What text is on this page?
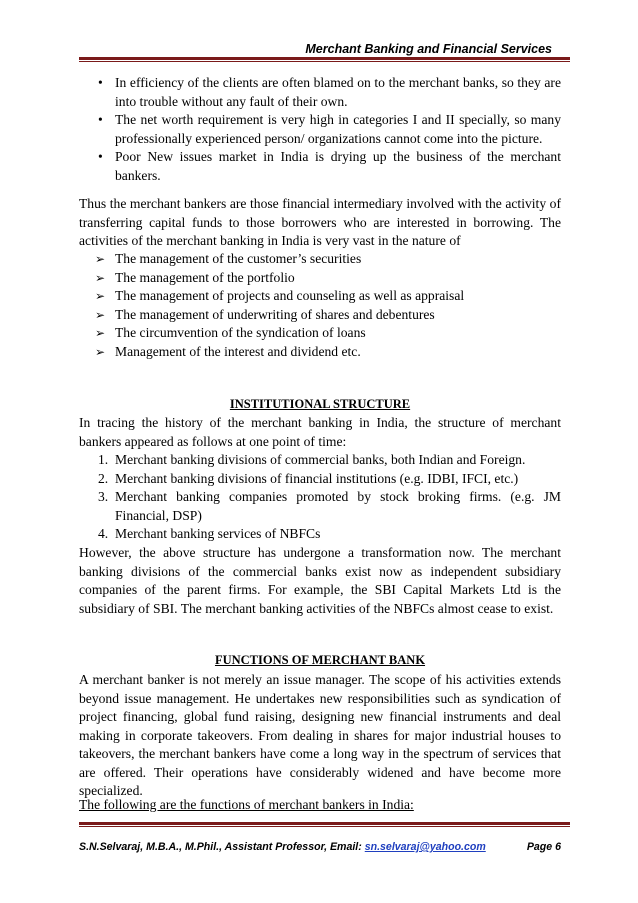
Merchant Banking and Financial Services
• In efficiency of the clients are often blamed on to the merchant banks, so they are into trouble without any fault of their own.
• The net worth requirement is very high in categories I and II specially, so many professionally experienced person/ organizations cannot come into the picture.
• Poor New issues market in India is drying up the business of the merchant bankers.
Thus the merchant bankers are those financial intermediary involved with the activity of transferring capital funds to those borrowers who are interested in borrowing. The activities of the merchant banking in India is very vast in the nature of
➢ The management of the customer’s securities
➢ The management of the portfolio
➢ The management of projects and counseling as well as appraisal
➢ The management of underwriting of shares and debentures
➢ The circumvention of the syndication of loans
➢ Management of the interest and dividend etc.
INSTITUTIONAL STRUCTURE
In tracing the history of the merchant banking in India, the structure of merchant bankers appeared as follows at one point of time:
1. Merchant banking divisions of commercial banks, both Indian and Foreign.
2. Merchant banking divisions of financial institutions (e.g. IDBI, IFCI, etc.)
3. Merchant banking companies promoted by stock broking firms. (e.g. JM Financial, DSP)
4. Merchant banking services of NBFCs
However, the above structure has undergone a transformation now. The merchant banking divisions of the commercial banks exist now as independent subsidiary companies of the parent firms. For example, the SBI Capital Markets Ltd is the subsidiary of SBI. The merchant banking activities of the NBFCs almost cease to exist.
FUNCTIONS OF MERCHANT BANK
A merchant banker is not merely an issue manager. The scope of his activities extends beyond issue management. He undertakes new responsibilities such as syndication of project financing, global fund raising, designing new financial instruments and deal making in corporate takeovers. From dealing in shares for major industrial houses to takeovers, the merchant bankers have come a long way in the spectrum of services that are offered. Their operations have considerably widened and have become more specialized.
The following are the functions of merchant bankers in India:
S.N.Selvaraj, M.B.A., M.Phil., Assistant Professor, Email: sn.selvaraj@yahoo.com	Page 6
